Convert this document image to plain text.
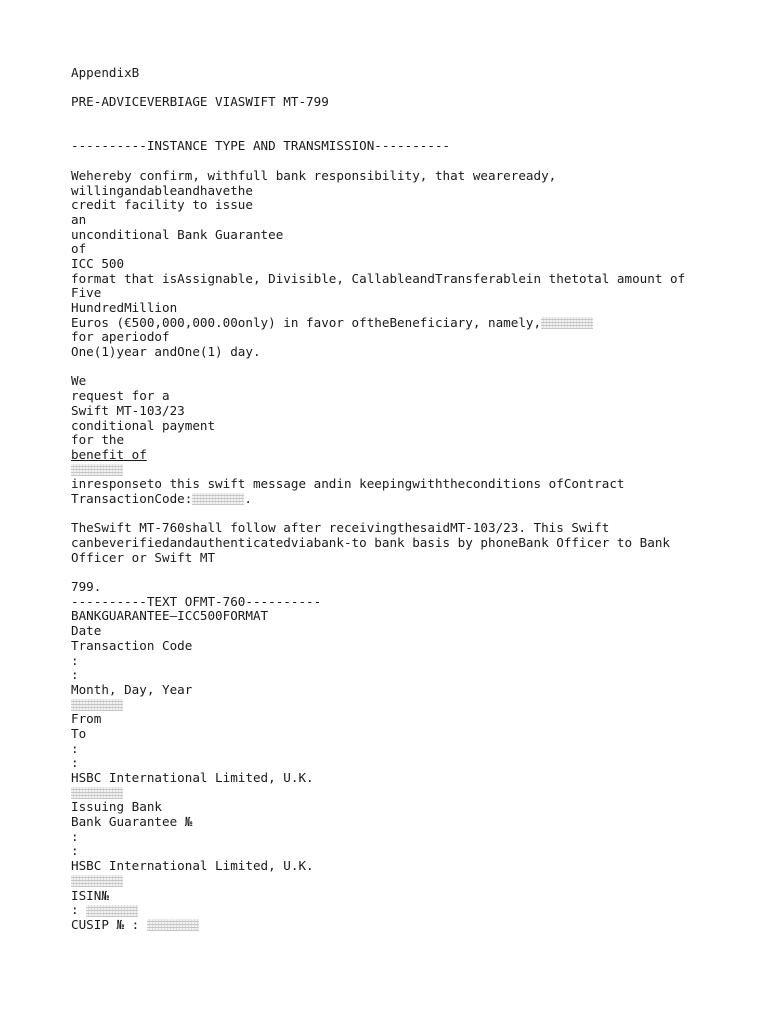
AppendixB
PRE-ADVICEVERBIAGE VIASWIFT MT-799
----------INSTANCE TYPE AND TRANSMISSION----------
Wehereby confirm, withfull bank responsibility, that weareready,
willingandableandhavethe
credit facility to issue
an
unconditional Bank Guarantee
of
ICC 500
format that isAssignable, Divisible, CallableandTransferablein thetotal amount of
Five
HundredMillion
Euros (€500,000,000.00only) in favor oftheBeneficiary, namely,
for aperiodof
One(1)year andOne(1) day.
We
request for a
Swift MT-103/23
conditional payment
for the
benefit of
inresponseto this swift message andin keepingwiththeconditions ofContract
TransactionCode:	.
TheSwift MT-760shall follow after receivingthesaidMT-103/23. This Swift
canbeverifiedandauthenticatedviabank-to bank basis by phoneBank Officer to Bank
Officer or Swift MT
799.
----------TEXT OFMT-760----------
BANKGUARANTEE–ICC500FORMAT
Date
Transaction Code
:
:
Month, Day, Year
From
To
:
:
HSBC International Limited, U.K.
Issuing Bank
Bank Guarantee №
:
:
HSBC International Limited, U.K.
ISIN№
:
CUSIP № :
